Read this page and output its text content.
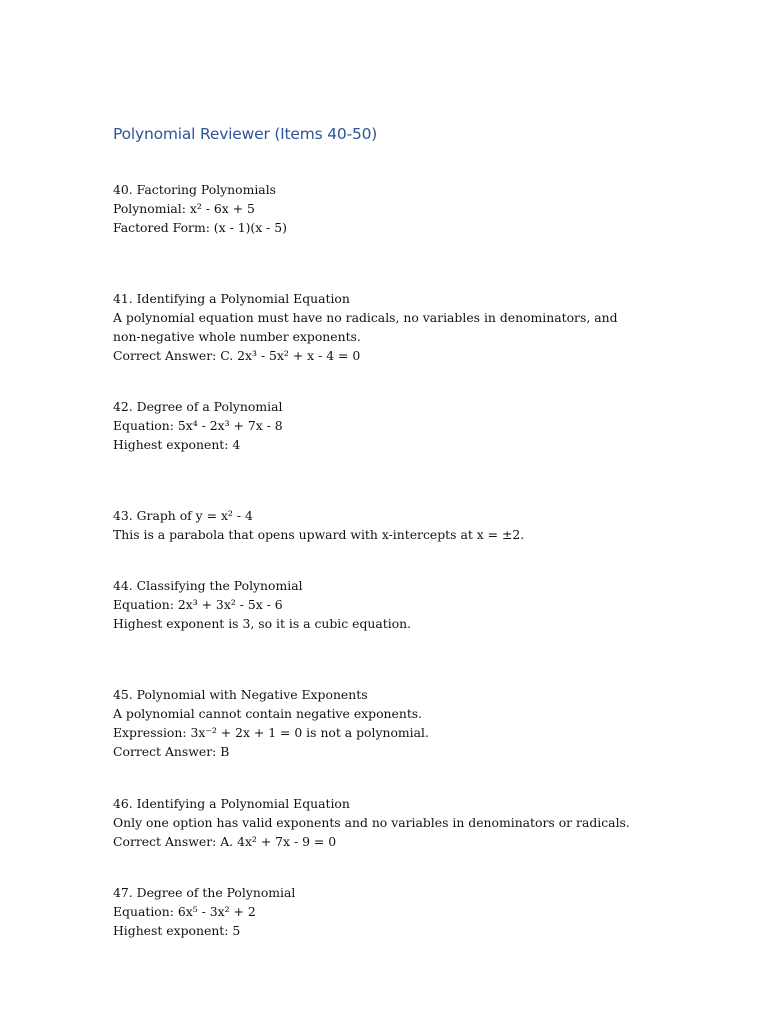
Polynomial Reviewer (Items 40-50)
40. Factoring Polynomials
Polynomial: x² - 6x + 5
Factored Form: (x - 1)(x - 5)
41. Identifying a Polynomial Equation
A polynomial equation must have no radicals, no variables in denominators, and non-negative whole number exponents.
Correct Answer: C. 2x³ - 5x² + x - 4 = 0
42. Degree of a Polynomial
Equation: 5x⁴ - 2x³ + 7x - 8
Highest exponent: 4
43. Graph of y = x² - 4
This is a parabola that opens upward with x-intercepts at x = ±2.
44. Classifying the Polynomial
Equation: 2x³ + 3x² - 5x - 6
Highest exponent is 3, so it is a cubic equation.
45. Polynomial with Negative Exponents
A polynomial cannot contain negative exponents.
Expression: 3x⁻² + 2x + 1 = 0 is not a polynomial.
Correct Answer: B
46. Identifying a Polynomial Equation
Only one option has valid exponents and no variables in denominators or radicals.
Correct Answer: A. 4x² + 7x - 9 = 0
47. Degree of the Polynomial
Equation: 6x⁵ - 3x² + 2
Highest exponent: 5
